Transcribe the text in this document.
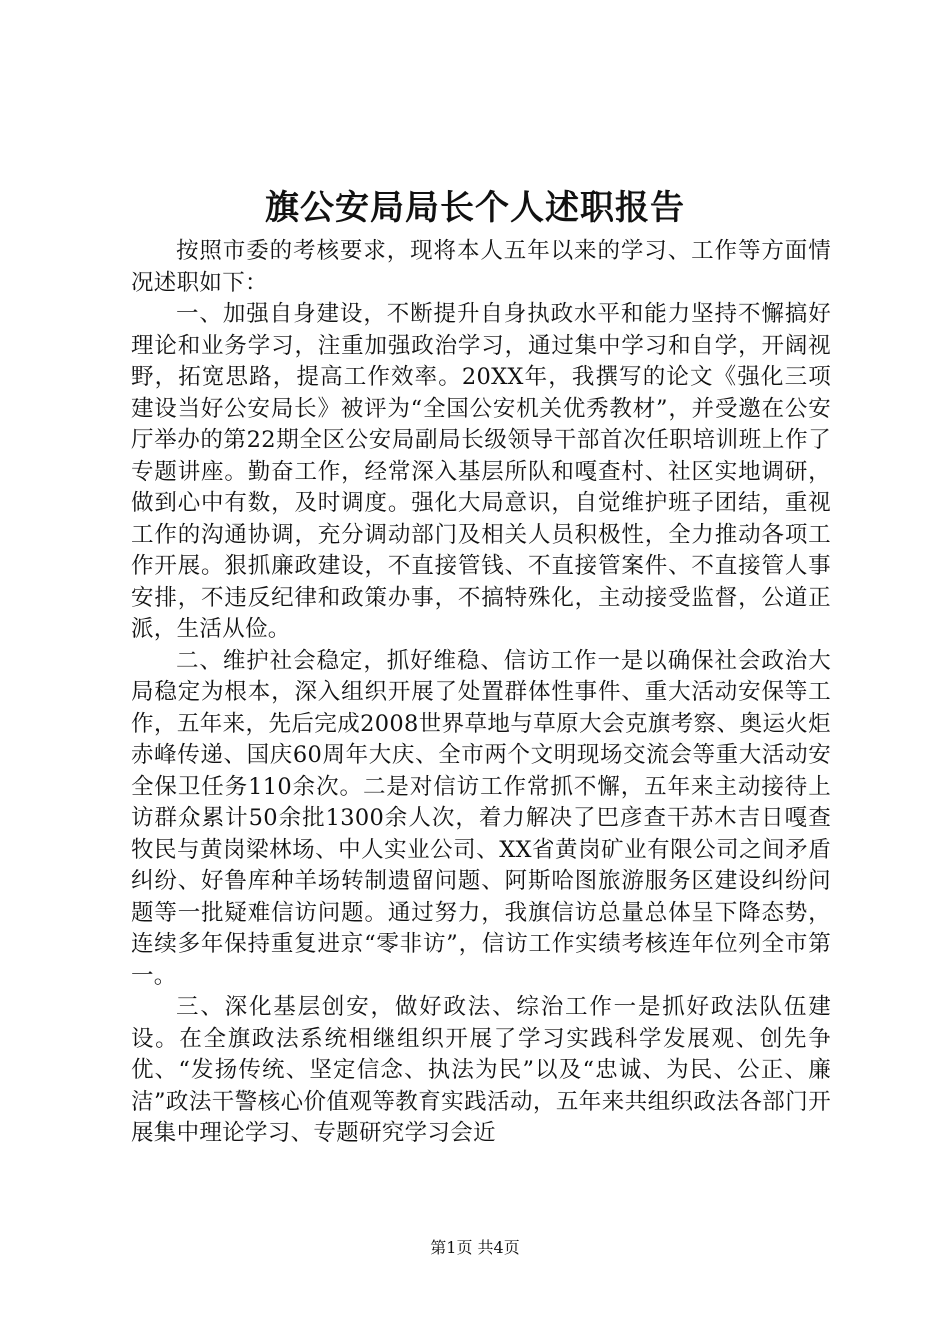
旗公安局局长个人述职报告

按照市委的考核要求，现将本人五年以来的学习、工作等方面情况述职如下：

一、加强自身建设，不断提升自身执政水平和能力坚持不懈搞好理论和业务学习，注重加强政治学习，通过集中学习和自学，开阔视野，拓宽思路，提高工作效率。20XX年，我撰写的论文《强化三项建设当好公安局长》被评为“全国公安机关优秀教材”，并受邀在公安厅举办的第22期全区公安局副局长级领导干部首次任职培训班上作了专题讲座。勤奋工作，经常深入基层所队和嘎查村、社区实地调研，做到心中有数，及时调度。强化大局意识，自觉维护班子团结，重视工作的沟通协调，充分调动部门及相关人员积极性，全力推动各项工作开展。狠抓廉政建设，不直接管钱、不直接管案件、不直接管人事安排，不违反纪律和政策办事，不搞特殊化，主动接受监督，公道正派，生活从俭。

二、维护社会稳定，抓好维稳、信访工作一是以确保社会政治大局稳定为根本，深入组织开展了处置群体性事件、重大活动安保等工作，五年来，先后完成2008世界草地与草原大会克旗考察、奥运火炬赤峰传递、国庆60周年大庆、全市两个文明现场交流会等重大活动安全保卫任务110余次。二是对信访工作常抓不懈，五年来主动接待上访群众累计50余批1300余人次，着力解决了巴彦查干苏木吉日嘎查牧民与黄岗梁林场、中人实业公司、XX省黄岗矿业有限公司之间矛盾纠纷、好鲁库种羊场转制遗留问题、阿斯哈图旅游服务区建设纠纷问题等一批疑难信访问题。通过努力，我旗信访总量总体呈下降态势，连续多年保持重复进京“零非访”，信访工作实绩考核连年位列全市第一。

三、深化基层创安，做好政法、综治工作一是抓好政法队伍建设。在全旗政法系统相继组织开展了学习实践科学发展观、创先争优、“发扬传统、坚定信念、执法为民”以及“忠诚、为民、公正、廉洁”政法干警核心价值观等教育实践活动，五年来共组织政法各部门开展集中理论学习、专题研究学习会近

第1页 共4页
